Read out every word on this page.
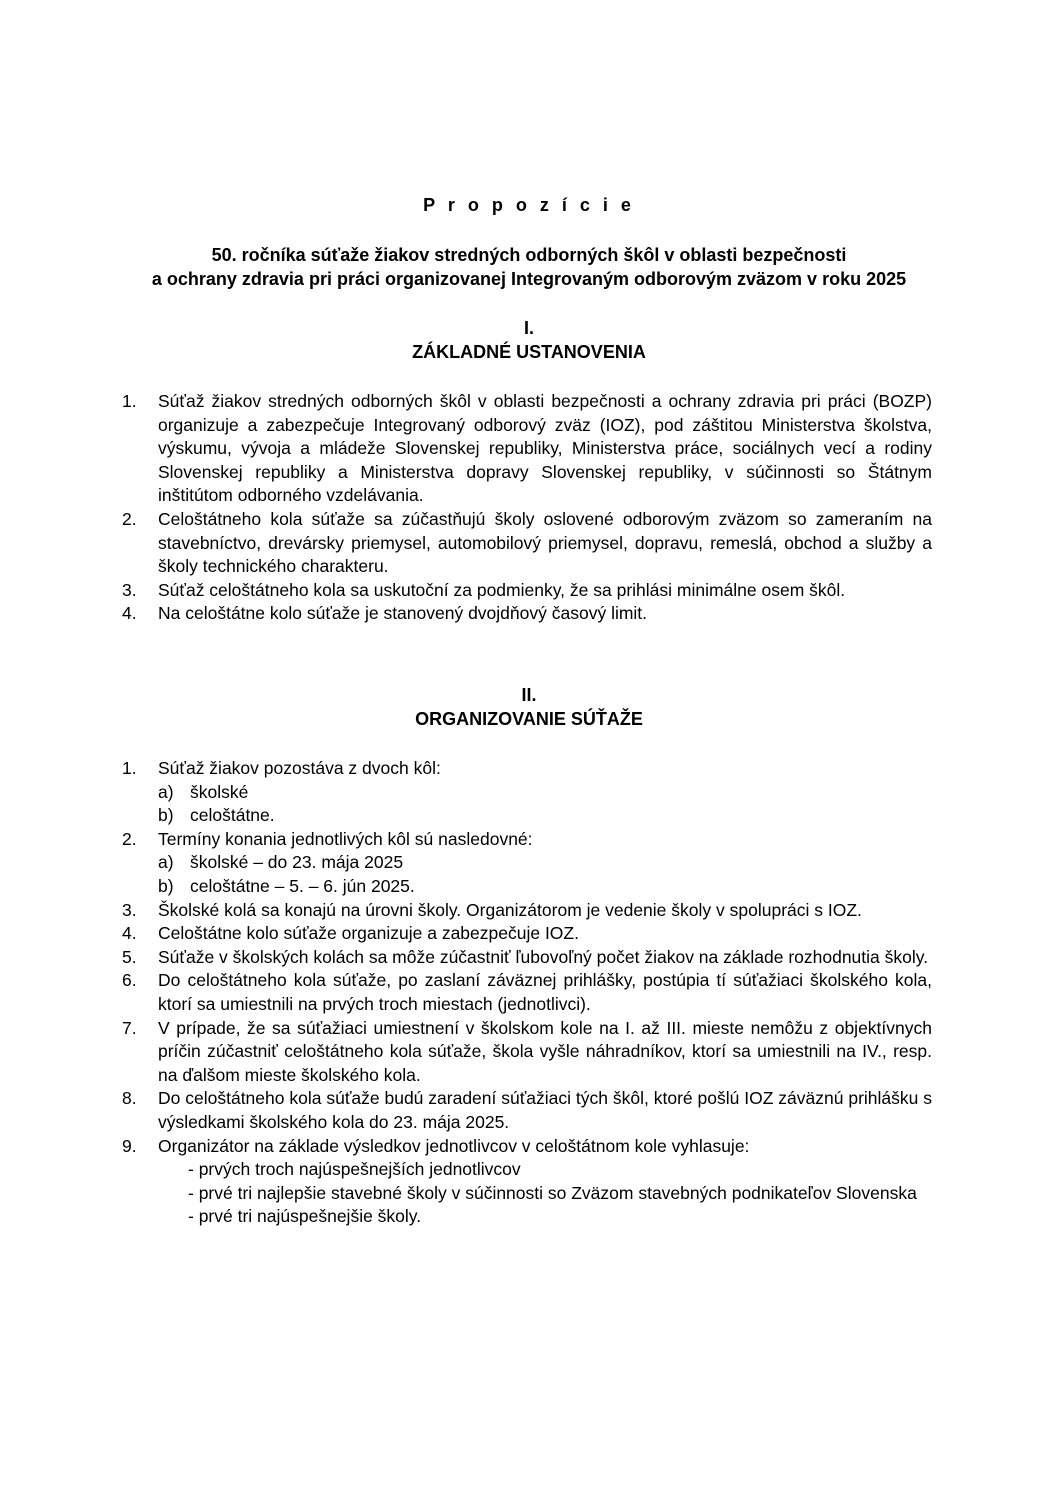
P r o p o z í c i e
50. ročníka súťaže žiakov stredných odborných škôl v oblasti bezpečnosti
a ochrany zdravia pri práci organizovanej Integrovaným odborovým zväzom v roku 2025
I.
ZÁKLADNÉ USTANOVENIA
1. Súťaž žiakov stredných odborných škôl v oblasti bezpečnosti a ochrany zdravia pri práci (BOZP) organizuje a zabezpečuje Integrovaný odborový zväz (IOZ), pod záštitou Ministerstva školstva, výskumu, vývoja a mládeže Slovenskej republiky, Ministerstva práce, sociálnych vecí a rodiny Slovenskej republiky a Ministerstva dopravy Slovenskej republiky, v súčinnosti so Štátnym inštitútom odborného vzdelávania.
2. Celoštátneho kola súťaže sa zúčastňujú školy oslovené odborovým zväzom so zameraním na stavebníctvo, drevársky priemysel, automobilový priemysel, dopravu, remeslá, obchod a služby a školy technického charakteru.
3. Súťaž celoštátneho kola sa uskutoční za podmienky, že sa prihlási minimálne osem škôl.
4. Na celoštátne kolo súťaže je stanovený dvojdňový časový limit.
II.
ORGANIZOVANIE SÚŤAŽE
1. Súťaž žiakov pozostáva z dvoch kôl:
a) školské
b) celoštátne.
2. Termíny konania jednotlivých kôl sú nasledovné:
a) školské – do 23. mája 2025
b) celoštátne – 5. – 6. jún 2025.
3. Školské kolá sa konajú na úrovni školy. Organizátorom je vedenie školy v spolupráci s IOZ.
4. Celoštátne kolo súťaže organizuje a zabezpečuje IOZ.
5. Súťaže v školských kolách sa môže zúčastniť ľubovoľný počet žiakov na základe rozhodnutia školy.
6. Do celoštátneho kola súťaže, po zaslaní záväznej prihlášky, postúpia tí súťažiaci školského kola, ktorí sa umiestnili na prvých troch miestach (jednotlivci).
7. V prípade, že sa súťažiaci umiestnení v školskom kole na I. až III. mieste nemôžu z objektívnych príčin zúčastniť celoštátneho kola súťaže, škola vyšle náhradníkov, ktorí sa umiestnili na IV., resp. na ďalšom mieste školského kola.
8. Do celoštátneho kola súťaže budú zaradení súťažiaci tých škôl, ktoré pošlú IOZ záväznú prihlášku s výsledkami školského kola do 23. mája 2025.
9. Organizátor na základe výsledkov jednotlivcov v celoštátnom kole vyhlasuje:
- prvých troch najúspešnejších jednotlivcov
- prvé tri najlepšie stavebné školy v súčinnosti so Zväzom stavebných podnikateľov Slovenska
- prvé tri najúspešnejšie školy.
